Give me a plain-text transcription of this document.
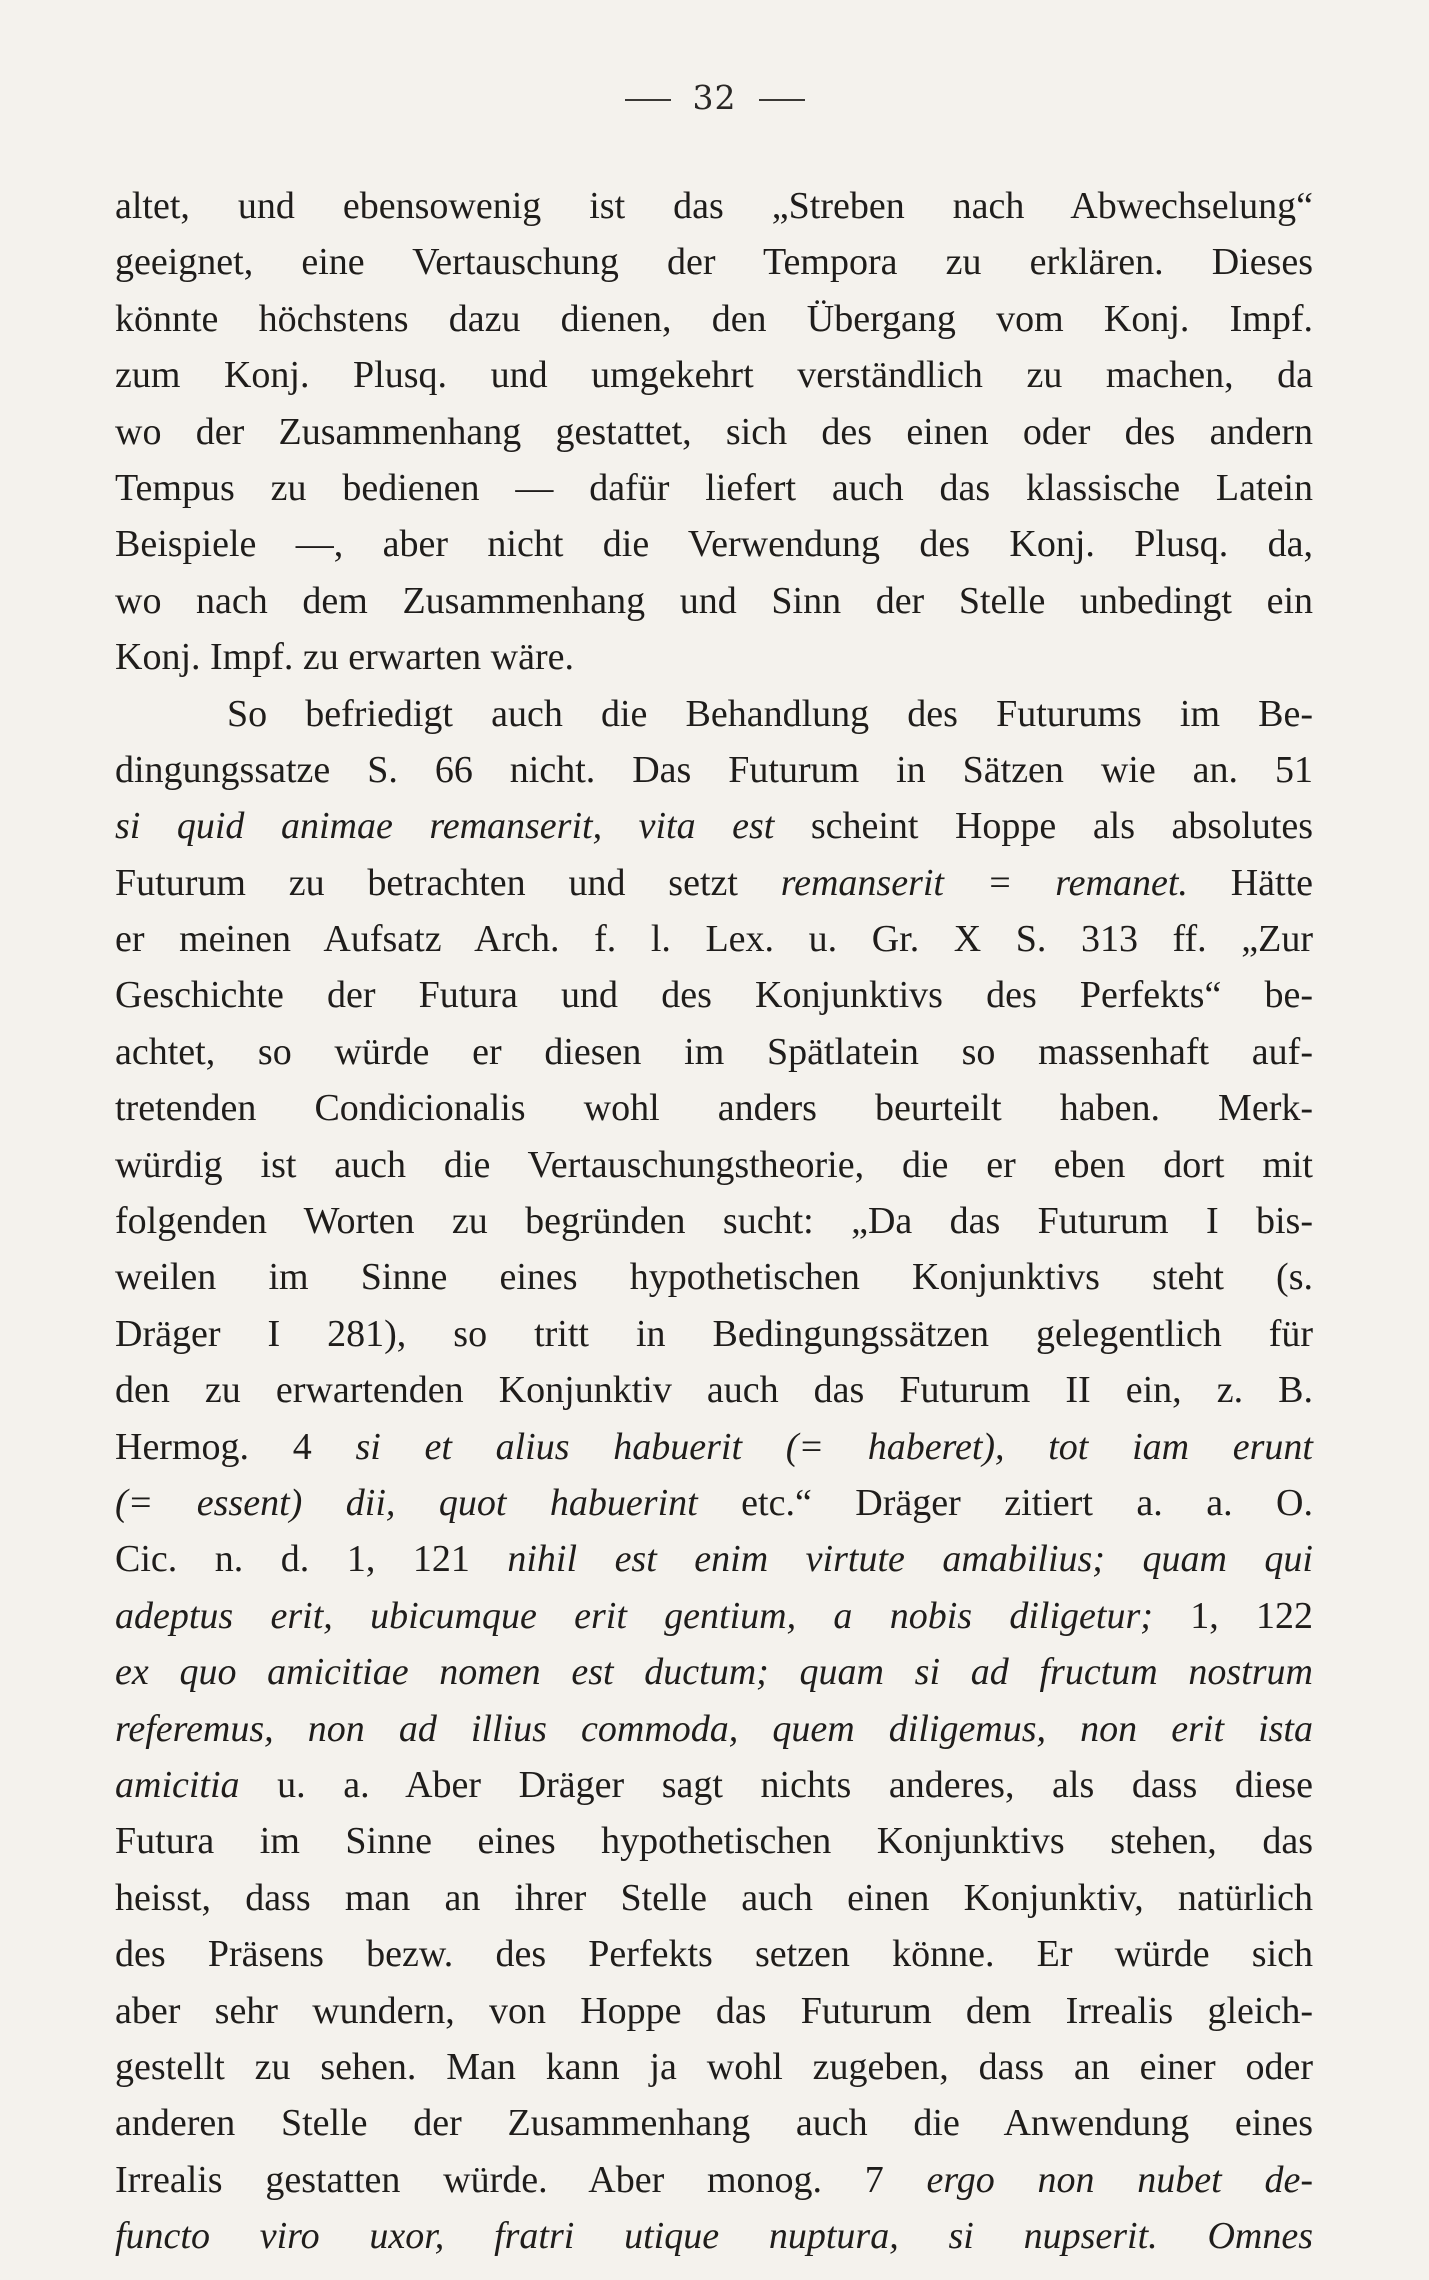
32
altet, und ebensowenig ist das „Streben nach Abwechselung“
geeignet, eine Vertauschung der Tempora zu erklären. Dieses
könnte höchstens dazu dienen, den Übergang vom Konj. Impf.
zum Konj. Plusq. und umgekehrt verständlich zu machen, da
wo der Zusammenhang gestattet, sich des einen oder des andern
Tempus zu bedienen — dafür liefert auch das klassische Latein
Beispiele —, aber nicht die Verwendung des Konj. Plusq. da,
wo nach dem Zusammenhang und Sinn der Stelle unbedingt ein
Konj. Impf. zu erwarten wäre.
So befriedigt auch die Behandlung des Futurums im Be-
dingungssatze S. 66 nicht. Das Futurum in Sätzen wie an. 51
si quid animae remanserit, vita est scheint Hoppe als absolutes
Futurum zu betrachten und setzt remanserit = remanet. Hätte
er meinen Aufsatz Arch. f. l. Lex. u. Gr. X S. 313 ff. „Zur
Geschichte der Futura und des Konjunktivs des Perfekts“ be-
achtet, so würde er diesen im Spätlatein so massenhaft auf-
tretenden Condicionalis wohl anders beurteilt haben. Merk-
würdig ist auch die Vertauschungstheorie, die er eben dort mit
folgenden Worten zu begründen sucht: „Da das Futurum I bis-
weilen im Sinne eines hypothetischen Konjunktivs steht (s.
Dräger I 281), so tritt in Bedingungssätzen gelegentlich für
den zu erwartenden Konjunktiv auch das Futurum II ein, z. B.
Hermog. 4 si et alius habuerit (= haberet), tot iam erunt
(= essent) dii, quot habuerint etc.“ Dräger zitiert a. a. O.
Cic. n. d. 1, 121 nihil est enim virtute amabilius; quam qui
adeptus erit, ubicumque erit gentium, a nobis diligetur; 1, 122
ex quo amicitiae nomen est ductum; quam si ad fructum nostrum
referemus, non ad illius commoda, quem diligemus, non erit ista
amicitia u. a. Aber Dräger sagt nichts anderes, als dass diese
Futura im Sinne eines hypothetischen Konjunktivs stehen, das
heisst, dass man an ihrer Stelle auch einen Konjunktiv, natürlich
des Präsens bezw. des Perfekts setzen könne. Er würde sich
aber sehr wundern, von Hoppe das Futurum dem Irrealis gleich-
gestellt zu sehen. Man kann ja wohl zugeben, dass an einer oder
anderen Stelle der Zusammenhang auch die Anwendung eines
Irrealis gestatten würde. Aber monog. 7 ergo non nubet de-
functo viro uxor, fratri utique nuptura, si nupserit. Omnes
